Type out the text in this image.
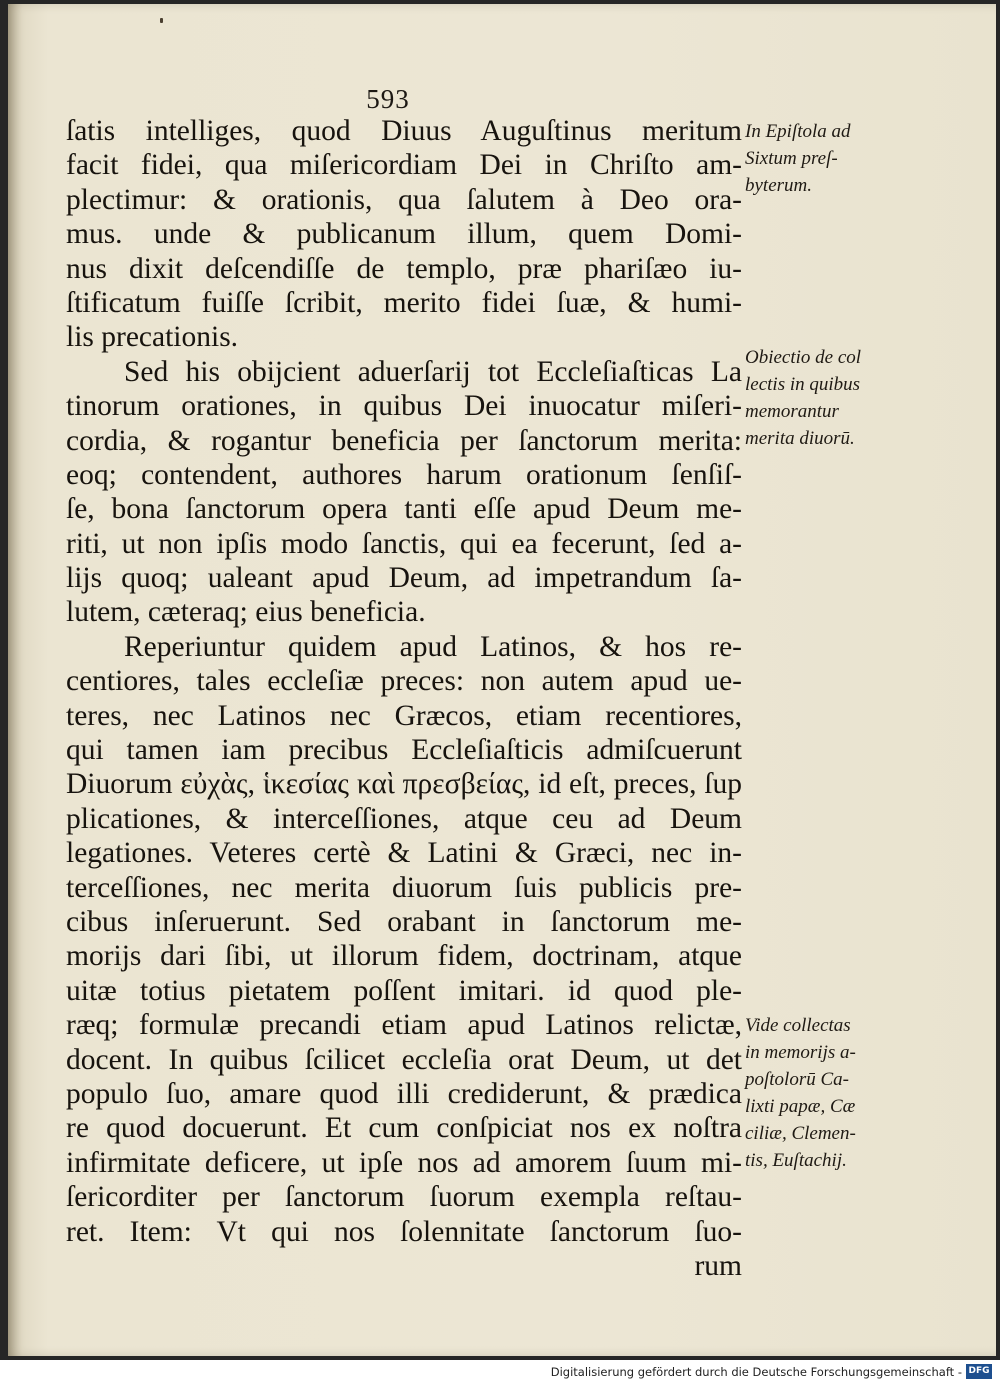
593
ſatis intelliges, quod Diuus Auguſtinus meritum
facit fidei, qua miſericordiam Dei in Chriſto am-
plectimur: & orationis, qua ſalutem à Deo ora-
mus. unde & publicanum illum, quem Domi-
nus dixit deſcendiſſe de templo, præ phariſæo iu-
ſtificatum fuiſſe ſcribit, merito fidei ſuæ, & humi-
lis precationis.
Sed his obijcient aduerſarij tot Eccleſiaſticas La
tinorum orationes, in quibus Dei inuocatur miſeri-
cordia, & rogantur beneficia per ſanctorum merita:
eoq; contendent, authores harum orationum ſenſiſ-
ſe, bona ſanctorum opera tanti eſſe apud Deum me-
riti, ut non ipſis modo ſanctis, qui ea fecerunt, ſed a-
lijs quoq; ualeant apud Deum, ad impetrandum ſa-
lutem, cæteraq; eius beneficia.
Reperiuntur quidem apud Latinos, & hos re-
centiores, tales eccleſiæ preces: non autem apud ue-
teres, nec Latinos nec Græcos, etiam recentiores,
qui tamen iam precibus Eccleſiaſticis admiſcuerunt
Diuorum εὐχὰς, ἱκεσίας καὶ πρεσβείας, id eſt, preces, ſup
plicationes, & interceſſiones, atque ceu ad Deum
legationes. Veteres certè & Latini & Græci, nec in-
terceſſiones, nec merita diuorum ſuis publicis pre-
cibus inſeruerunt. Sed orabant in ſanctorum me-
morijs dari ſibi, ut illorum fidem, doctrinam, atque
uitæ totius pietatem poſſent imitari. id quod ple-
ræq; formulæ precandi etiam apud Latinos relictæ,
docent. In quibus ſcilicet eccleſia orat Deum, ut det
populo ſuo, amare quod illi crediderunt, & prædica
re quod docuerunt. Et cum conſpiciat nos ex noſtra
infirmitate deficere, ut ipſe nos ad amorem ſuum mi-
ſericorditer per ſanctorum ſuorum exempla reſtau-
ret. Item: Vt qui nos ſolennitate ſanctorum ſuo-
rum
In Epiſtola ad
Sixtum preſ-
byterum.
Obiectio de col
lectis in quibus
memorantur
merita diuorū.
Vide collectas
in memorijs a-
poſtolorū Ca-
lixti papæ, Cæ
ciliæ, Clemen-
tis, Euſtachij.
Digitalisierung gefördert durch die Deutsche Forschungsgemeinschaft - DFG
